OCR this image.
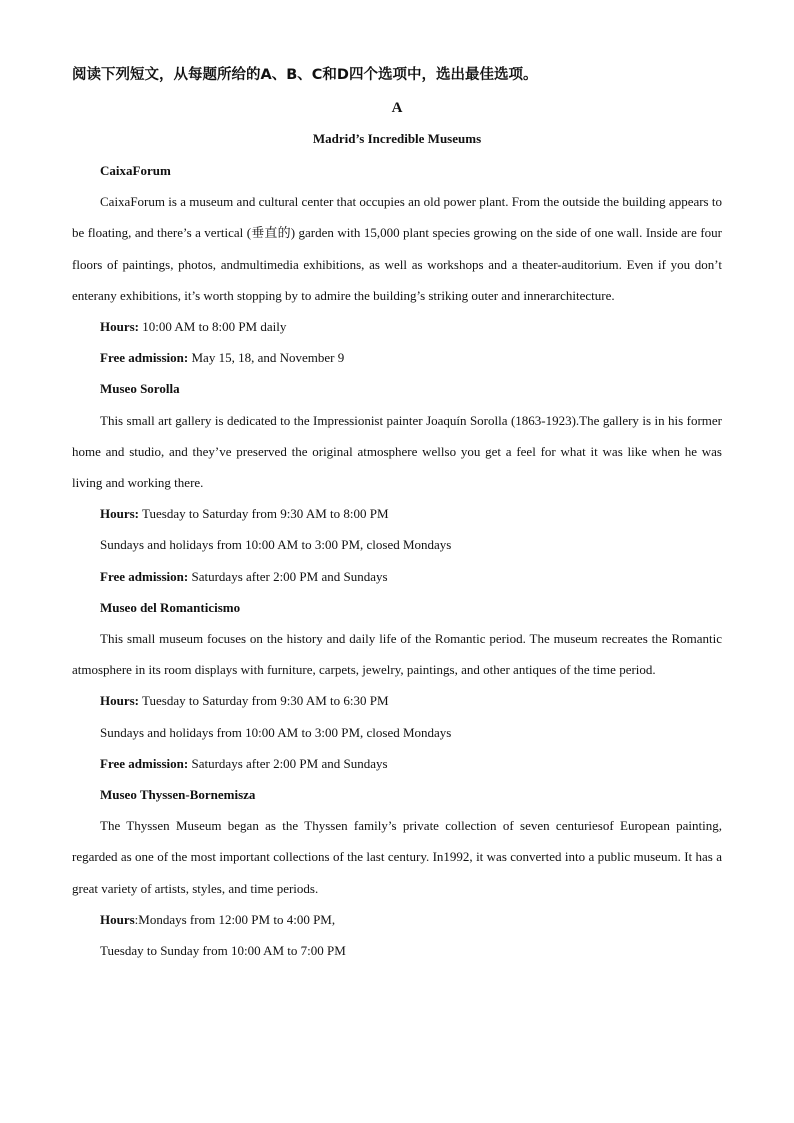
阅读下列短文，从每题所给的A、B、C和D四个选项中，选出最佳选项。
A
Madrid’s Incredible Museums

CaixaForum

CaixaForum is a museum and cultural center that occupies an old power plant. From the outside the building appears to be floating, and there’s a vertical (垂直的) garden with 15,000 plant species growing on the side of one wall. Inside are four floors of paintings, photos, andmultimedia exhibitions, as well as workshops and a theater-auditorium. Even if you don’t enterany exhibitions, it’s worth stopping by to admire the building’s striking outer and innerarchitecture.

Hours: 10:00 AM to 8:00 PM daily

Free admission: May 15, 18, and November 9

Museo Sorolla

This small art gallery is dedicated to the Impressionist painter Joaquín Sorolla (1863-1923).The gallery is in his former home and studio, and they’ve preserved the original atmosphere wellso you get a feel for what it was like when he was living and working there.

Hours: Tuesday to Saturday from 9:30 AM to 8:00 PM

Sundays and holidays from 10:00 AM to 3:00 PM, closed Mondays

Free admission: Saturdays after 2:00 PM and Sundays

Museo del Romanticismo

This small museum focuses on the history and daily life of the Romantic period. The museum recreates the Romantic atmosphere in its room displays with furniture, carpets, jewelry, paintings, and other antiques of the time period.

Hours: Tuesday to Saturday from 9:30 AM to 6:30 PM

Sundays and holidays from 10:00 AM to 3:00 PM, closed Mondays

Free admission: Saturdays after 2:00 PM and Sundays

Museo Thyssen-Bornemisza

The Thyssen Museum began as the Thyssen family’s private collection of seven centuriesof European painting, regarded as one of the most important collections of the last century. In1992, it was converted into a public museum. It has a great variety of artists, styles, and time periods.

Hours:Mondays from 12:00 PM to 4:00 PM,

Tuesday to Sunday from 10:00 AM to 7:00 PM
